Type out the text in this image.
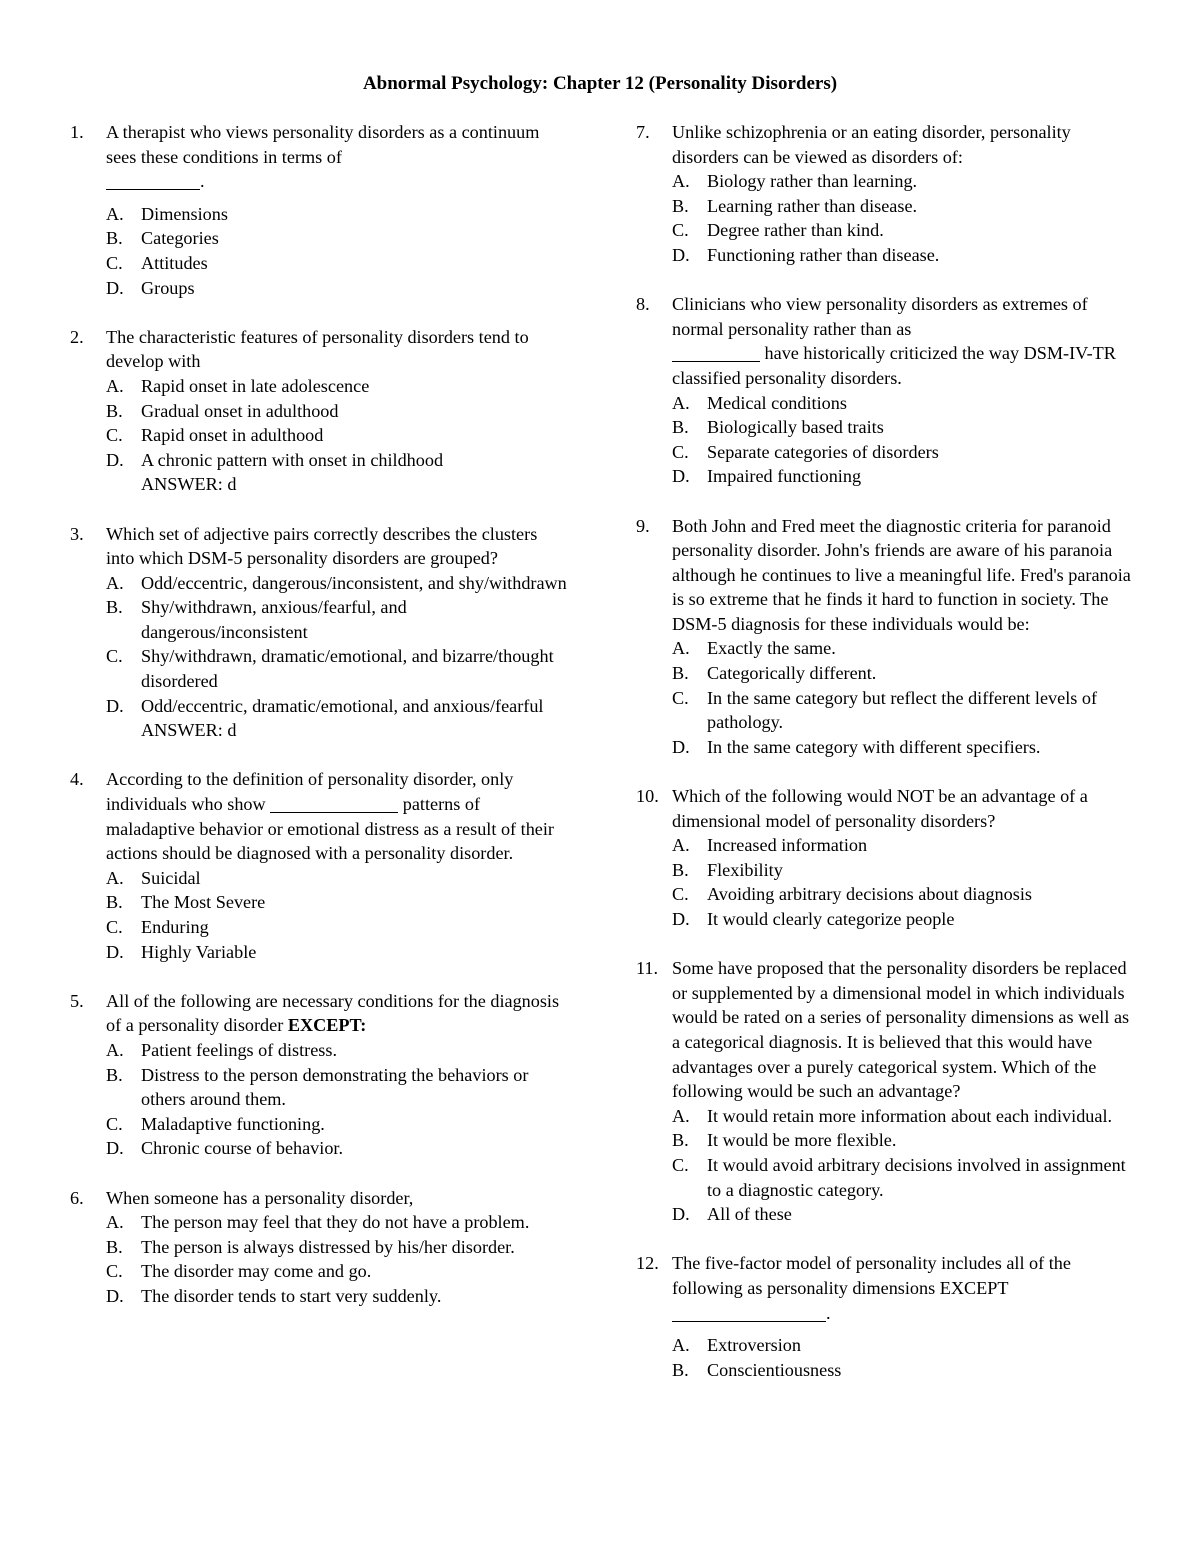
Abnormal Psychology: Chapter 12 (Personality Disorders)
1.	A therapist who views personality disorders as a continuum sees these conditions in terms of
.
A. Dimensions
B.	Categories
C.	Attitudes
D. Groups
2.	The characteristic features of personality disorders tend to develop with
A. Rapid onset in late adolescence
B.	Gradual onset in adulthood
C.	Rapid onset in adulthood
D. A chronic pattern with onset in childhood
ANSWER: d
3.	Which set of adjective pairs correctly describes the clusters into which DSM-5 personality disorders are grouped?
A. Odd/eccentric, dangerous/inconsistent, and shy/withdrawn
B.	Shy/withdrawn, anxious/fearful, and dangerous/inconsistent
C.	Shy/withdrawn, dramatic/emotional, and bizarre/thought disordered
D. Odd/eccentric, dramatic/emotional, and anxious/fearful
ANSWER: d
4.	According to the definition of personality disorder, only individuals who show	patterns of maladaptive behavior or emotional distress as a result of their actions should be diagnosed with a personality disorder.
A. Suicidal
B.	The Most Severe
C.	Enduring
D. Highly Variable
5.	All of the following are necessary conditions for the diagnosis of a personality disorder EXCEPT:
A. Patient feelings of distress.
B.	Distress to the person demonstrating the behaviors or others around them.
C.	Maladaptive functioning.
D. Chronic course of behavior.
6.	When someone has a personality disorder,
A. The person may feel that they do not have a problem.
B.	The person is always distressed by his/her disorder.
C.	The disorder may come and go.
D. The disorder tends to start very suddenly.
7.	Unlike schizophrenia or an eating disorder, personality disorders can be viewed as disorders of:
A. Biology rather than learning.
B.	Learning rather than disease.
C.	Degree rather than kind.
D. Functioning rather than disease.
8.	Clinicians who view personality disorders as extremes of normal personality rather than as
have historically criticized the way DSM-IV-TR classified personality disorders.
A. Medical conditions
B.	Biologically based traits
C.	Separate categories of disorders
D. Impaired functioning
9.	Both John and Fred meet the diagnostic criteria for paranoid personality disorder. John's friends are aware of his paranoia although he continues to live a meaningful life. Fred's paranoia is so extreme that he finds it hard to function in society. The DSM-5 diagnosis for these individuals would be:
A. Exactly the same.
B.	Categorically different.
C.	In the same category but reflect the different levels of pathology.
D. In the same category with different specifiers.
10. Which of the following would NOT be an advantage of a dimensional model of personality disorders?
A. Increased information
B.	Flexibility
C.	Avoiding arbitrary decisions about diagnosis
D. It would clearly categorize people
11. Some have proposed that the personality disorders be replaced or supplemented by a dimensional model in which individuals would be rated on a series of personality dimensions as well as a categorical diagnosis. It is believed that this would have advantages over a purely categorical system. Which of the following would be such an advantage?
A. It would retain more information about each individual.
B.	It would be more flexible.
C.	It would avoid arbitrary decisions involved in assignment to a diagnostic category.
D. All of these
12. The five-factor model of personality includes all of the following as personality dimensions EXCEPT
.
A. Extroversion
B.	Conscientiousness
